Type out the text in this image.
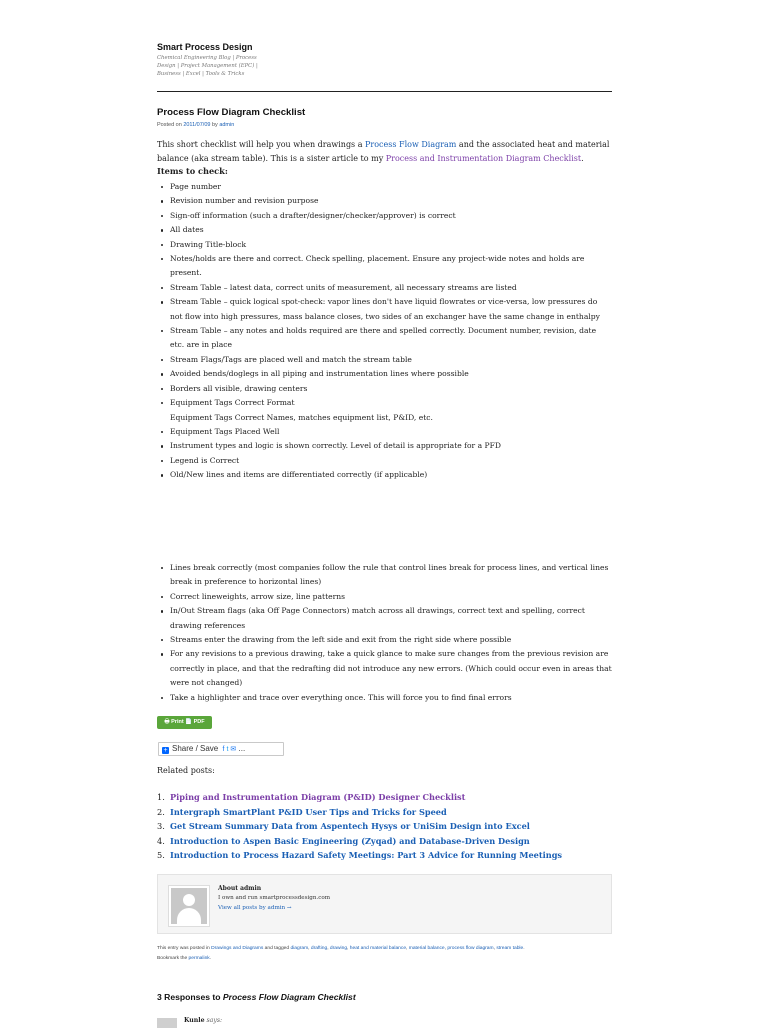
Smart Process Design
Chemical Engineering Blog | Process Design | Project Management (EPC) | Business | Excel | Tools & Tricks
Process Flow Diagram Checklist
Posted on 2011/07/09 by admin
This short checklist will help you when drawings a Process Flow Diagram and the associated heat and material balance (aka stream table). This is a sister article to my Process and Instrumentation Diagram Checklist.
Items to check:
Page number
Revision number and revision purpose
Sign-off information (such a drafter/designer/checker/approver) is correct
All dates
Drawing Title-block
Notes/holds are there and correct. Check spelling, placement. Ensure any project-wide notes and holds are present.
Stream Table – latest data, correct units of measurement, all necessary streams are listed
Stream Table – quick logical spot-check: vapor lines don't have liquid flowrates or vice-versa, low pressures do not flow into high pressures, mass balance closes, two sides of an exchanger have the same change in enthalpy
Stream Table – any notes and holds required are there and spelled correctly. Document number, revision, date etc. are in place
Stream Flags/Tags are placed well and match the stream table
Avoided bends/doglegs in all piping and instrumentation lines where possible
Borders all visible, drawing centers
Equipment Tags Correct Format
Equipment Tags Correct Names, matches equipment list, P&ID, etc.
Equipment Tags Placed Well
Instrument types and logic is shown correctly. Level of detail is appropriate for a PFD
Legend is Correct
Old/New lines and items are differentiated correctly (if applicable)
Lines break correctly (most companies follow the rule that control lines break for process lines, and vertical lines break in preference to horizontal lines)
Correct lineweights, arrow size, line patterns
In/Out Stream flags (aka Off Page Connectors) match across all drawings, correct text and spelling, correct drawing references
Streams enter the drawing from the left side and exit from the right side where possible
For any revisions to a previous drawing, take a quick glance to make sure changes from the previous revision are correctly in place, and that the redrafting did not introduce any new errors. (Which could occur even in areas that were not changed)
Take a highlighter and trace over everything once. This will force you to find final errors
🖶 Print 📄 PDF
+ Share / Save f t ✉ ...
Related posts:
1. Piping and Instrumentation Diagram (P&ID) Designer Checklist
2. Intergraph SmartPlant P&ID User Tips and Tricks for Speed
3. Get Stream Summary Data from Aspentech Hysys or UniSim Design into Excel
4. Introduction to Aspen Basic Engineering (Zyqad) and Database-Driven Design
5. Introduction to Process Hazard Safety Meetings: Part 3 Advice for Running Meetings
About admin
I own and run smartprocessdesign.com
View all posts by admin →
This entry was posted in Drawings and Diagrams and tagged diagram, drafting, drawing, heat and material balance, material balance, process flow diagram, stream table.
Bookmark the permalink.
3 Responses to Process Flow Diagram Checklist
Kunle says:
